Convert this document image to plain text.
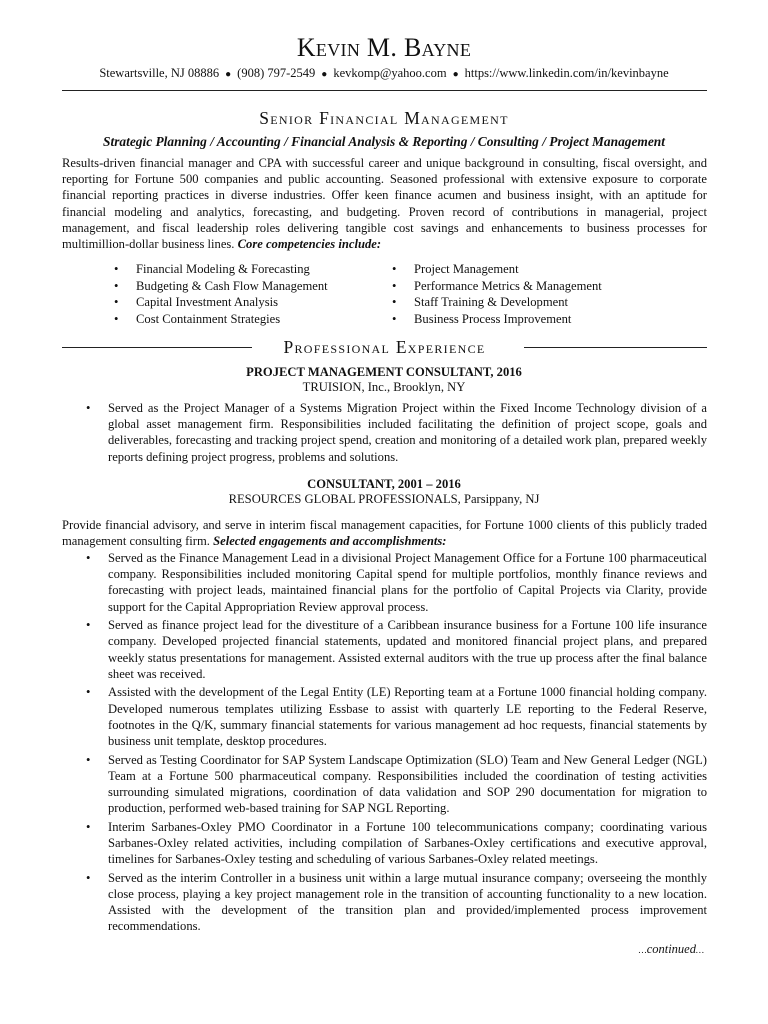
Kevin M. Bayne
Stewartsville, NJ 08886 ● (908) 797-2549 ● kevkomp@yahoo.com ● https://www.linkedin.com/in/kevinbayne
Senior Financial Management
Strategic Planning / Accounting / Financial Analysis & Reporting / Consulting / Project Management
Results-driven financial manager and CPA with successful career and unique background in consulting, fiscal oversight, and reporting for Fortune 500 companies and public accounting. Seasoned professional with extensive exposure to corporate financial reporting practices in diverse industries. Offer keen finance acumen and business insight, with an aptitude for financial modeling and analytics, forecasting, and budgeting. Proven record of contributions in managerial, project management, and fiscal leadership roles delivering tangible cost savings and enhancements to business processes for multimillion-dollar business lines. Core competencies include:
• Financial Modeling & Forecasting
• Budgeting & Cash Flow Management
• Capital Investment Analysis
• Cost Containment Strategies
• Project Management
• Performance Metrics & Management
• Staff Training & Development
• Business Process Improvement
Professional Experience
PROJECT MANAGEMENT CONSULTANT, 2016
TRUISION, Inc., Brooklyn, NY
• Served as the Project Manager of a Systems Migration Project within the Fixed Income Technology division of a global asset management firm. Responsibilities included facilitating the definition of project scope, goals and deliverables, forecasting and tracking project spend, creation and monitoring of a detailed work plan, prepared weekly reports defining project progress, problems and solutions.
CONSULTANT, 2001 – 2016
RESOURCES GLOBAL PROFESSIONALS, Parsippany, NJ
Provide financial advisory, and serve in interim fiscal management capacities, for Fortune 1000 clients of this publicly traded management consulting firm. Selected engagements and accomplishments:
• Served as the Finance Management Lead in a divisional Project Management Office for a Fortune 100 pharmaceutical company. Responsibilities included monitoring Capital spend for multiple portfolios, monthly finance reviews and forecasting with project leads, maintained financial plans for the portfolio of Capital Projects via Clarity, provide support for the Capital Appropriation Review approval process.
• Served as finance project lead for the divestiture of a Caribbean insurance business for a Fortune 100 life insurance company. Developed projected financial statements, updated and monitored financial project plans, and prepared weekly status presentations for management. Assisted external auditors with the true up process after the final balance sheet was received.
• Assisted with the development of the Legal Entity (LE) Reporting team at a Fortune 1000 financial holding company. Developed numerous templates utilizing Essbase to assist with quarterly LE reporting to the Federal Reserve, footnotes in the Q/K, summary financial statements for various management ad hoc requests, financial statements by business unit template, desktop procedures.
• Served as Testing Coordinator for SAP System Landscape Optimization (SLO) Team and New General Ledger (NGL) Team at a Fortune 500 pharmaceutical company. Responsibilities included the coordination of testing activities surrounding simulated migrations, coordination of data validation and SOP 290 documentation for migration to production, performed web-based training for SAP NGL Reporting.
• Interim Sarbanes-Oxley PMO Coordinator in a Fortune 100 telecommunications company; coordinating various Sarbanes-Oxley related activities, including compilation of Sarbanes-Oxley certifications and executive approval, timelines for Sarbanes-Oxley testing and scheduling of various Sarbanes-Oxley related meetings.
• Served as the interim Controller in a business unit within a large mutual insurance company; overseeing the monthly close process, playing a key project management role in the transition of accounting functionality to a new location. Assisted with the development of the transition plan and provided/implemented process improvement recommendations.
…continued…
